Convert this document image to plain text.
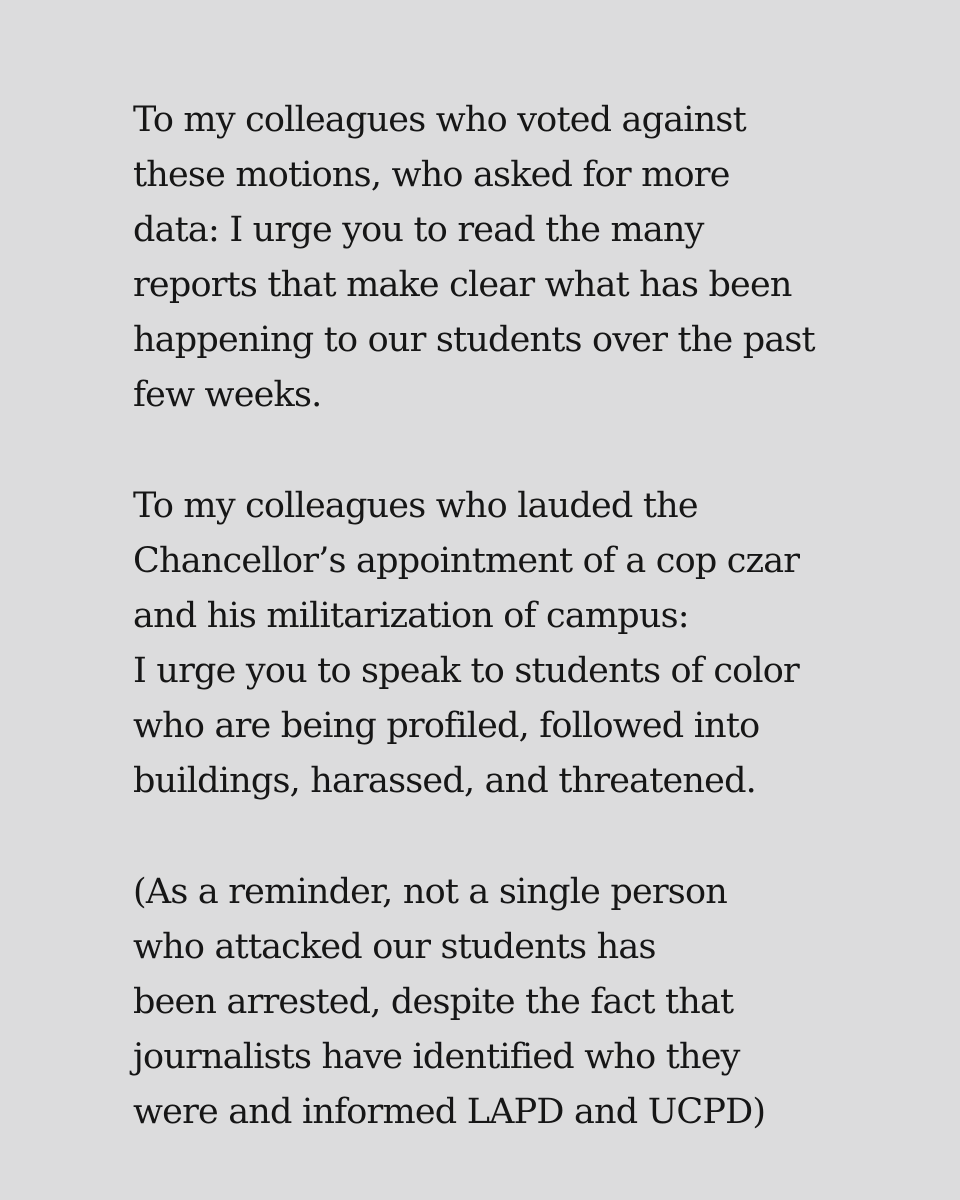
To my colleagues who voted against
these motions, who asked for more
data: I urge you to read the many
reports that make clear what has been
happening to our students over the past
few weeks.

To my colleagues who lauded the
Chancellor’s appointment of a cop czar
and his militarization of campus:
I urge you to speak to students of color
who are being profiled, followed into
buildings, harassed, and threatened.

(As a reminder, not a single person
who attacked our students has
been arrested, despite the fact that
journalists have identified who they
were and informed LAPD and UCPD)
